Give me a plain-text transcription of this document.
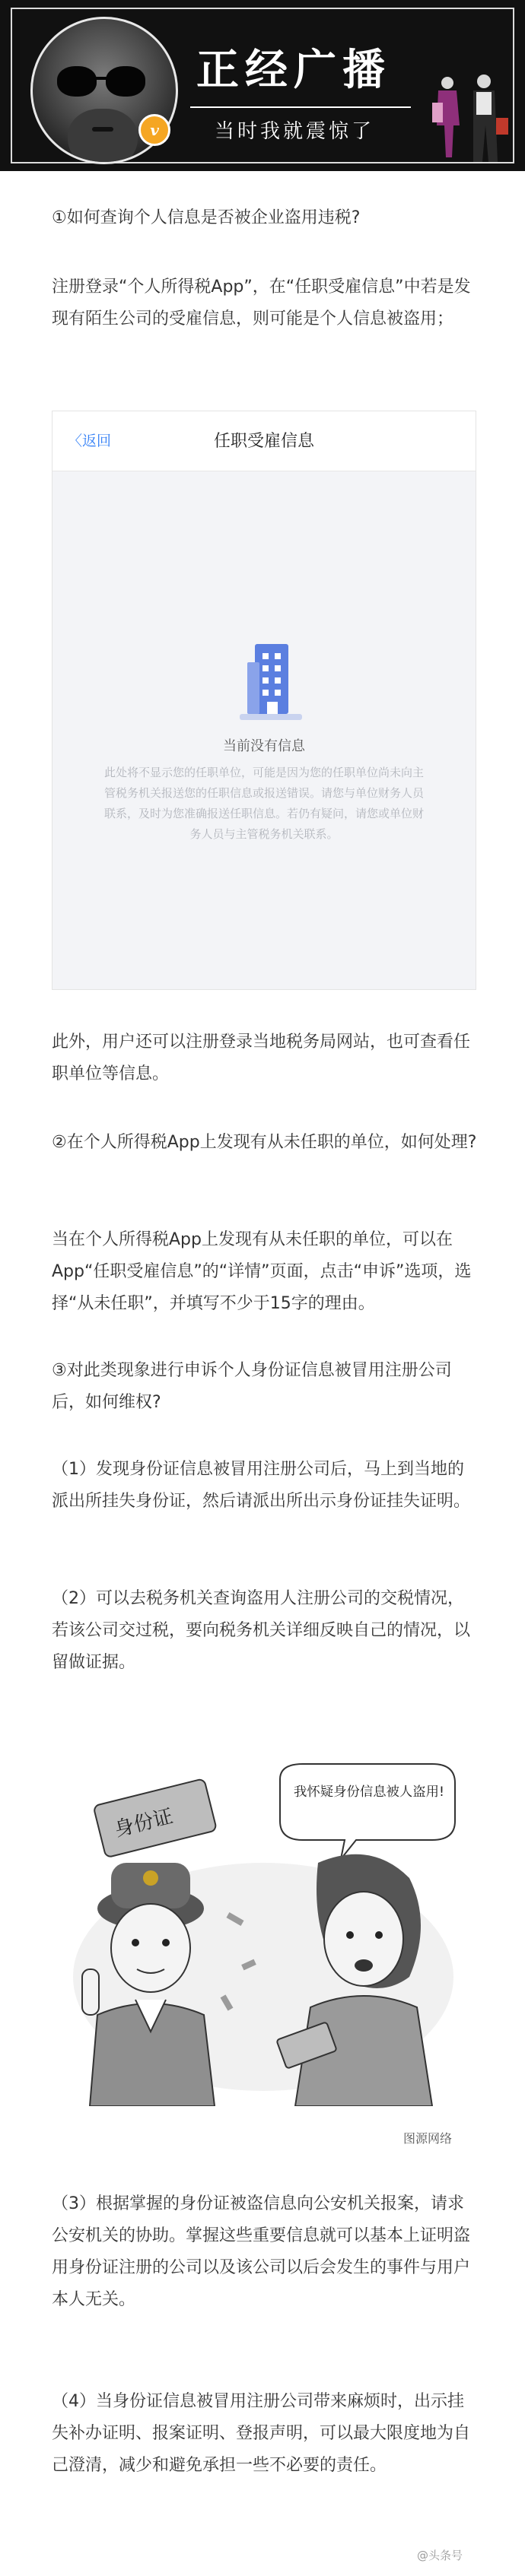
v
正经广播
当时我就震惊了

①如何查询个人信息是否被企业盗用违税?

注册登录“个人所得税App”，在“任职受雇信息”中若是发现有陌生公司的受雇信息，则可能是个人信息被盗用；

〈返回	任职受雇信息
当前没有信息
此处将不显示您的任职单位，可能是因为您的任职单位尚未向主管税务机关报送您的任职信息或报送错误。请您与单位财务人员联系，及时为您准确报送任职信息。若仍有疑问，请您或单位财务人员与主管税务机关联系。

此外，用户还可以注册登录当地税务局网站，也可查看任职单位等信息。

②在个人所得税App上发现有从未任职的单位，如何处理?

当在个人所得税App上发现有从未任职的单位，可以在App“任职受雇信息”的“详情”页面，点击“申诉”选项，选择“从未任职”，并填写不少于15字的理由。

③对此类现象进行申诉个人身份证信息被冒用注册公司后，如何维权?

（1）发现身份证信息被冒用注册公司后，马上到当地的派出所挂失身份证，然后请派出所出示身份证挂失证明。

（2）可以去税务机关查询盗用人注册公司的交税情况，若该公司交过税，要向税务机关详细反映自己的情况，以留做证据。

身份证
我怀疑身份信息被人盗用!
图源网络

（3）根据掌握的身份证被盗信息向公安机关报案，请求公安机关的协助。掌握这些重要信息就可以基本上证明盗用身份证注册的公司以及该公司以后会发生的事件与用户本人无关。

（4）当身份证信息被冒用注册公司带来麻烦时，出示挂失补办证明、报案证明、登报声明，可以最大限度地为自己澄清，减少和避免承担一些不必要的责任。

@头条号
